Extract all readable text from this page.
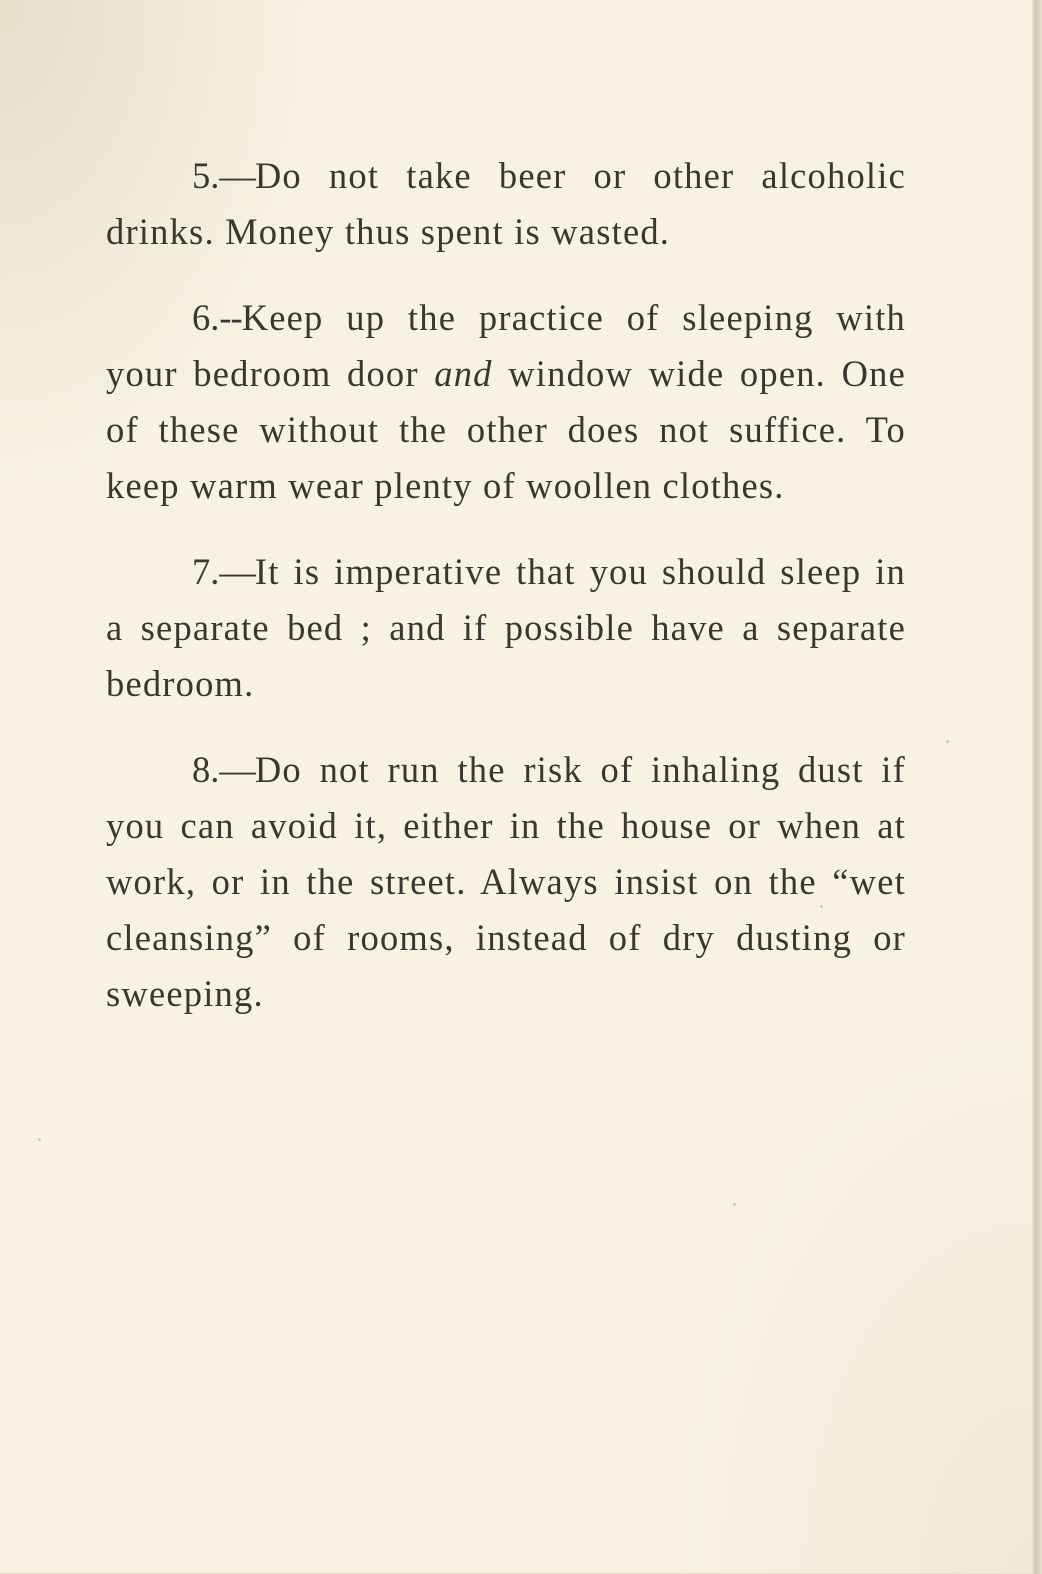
5.—Do not take beer or other alcoholic drinks. Money thus spent is wasted.

6.--Keep up the practice of sleeping with your bedroom door and window wide open. One of these without the other does not suffice. To keep warm wear plenty of woollen clothes.

7.—It is imperative that you should sleep in a separate bed ; and if possible have a separate bedroom.

8.—Do not run the risk of inhaling dust if you can avoid it, either in the house or when at work, or in the street. Always insist on the “wet cleansing” of rooms, instead of dry dusting or sweeping.
